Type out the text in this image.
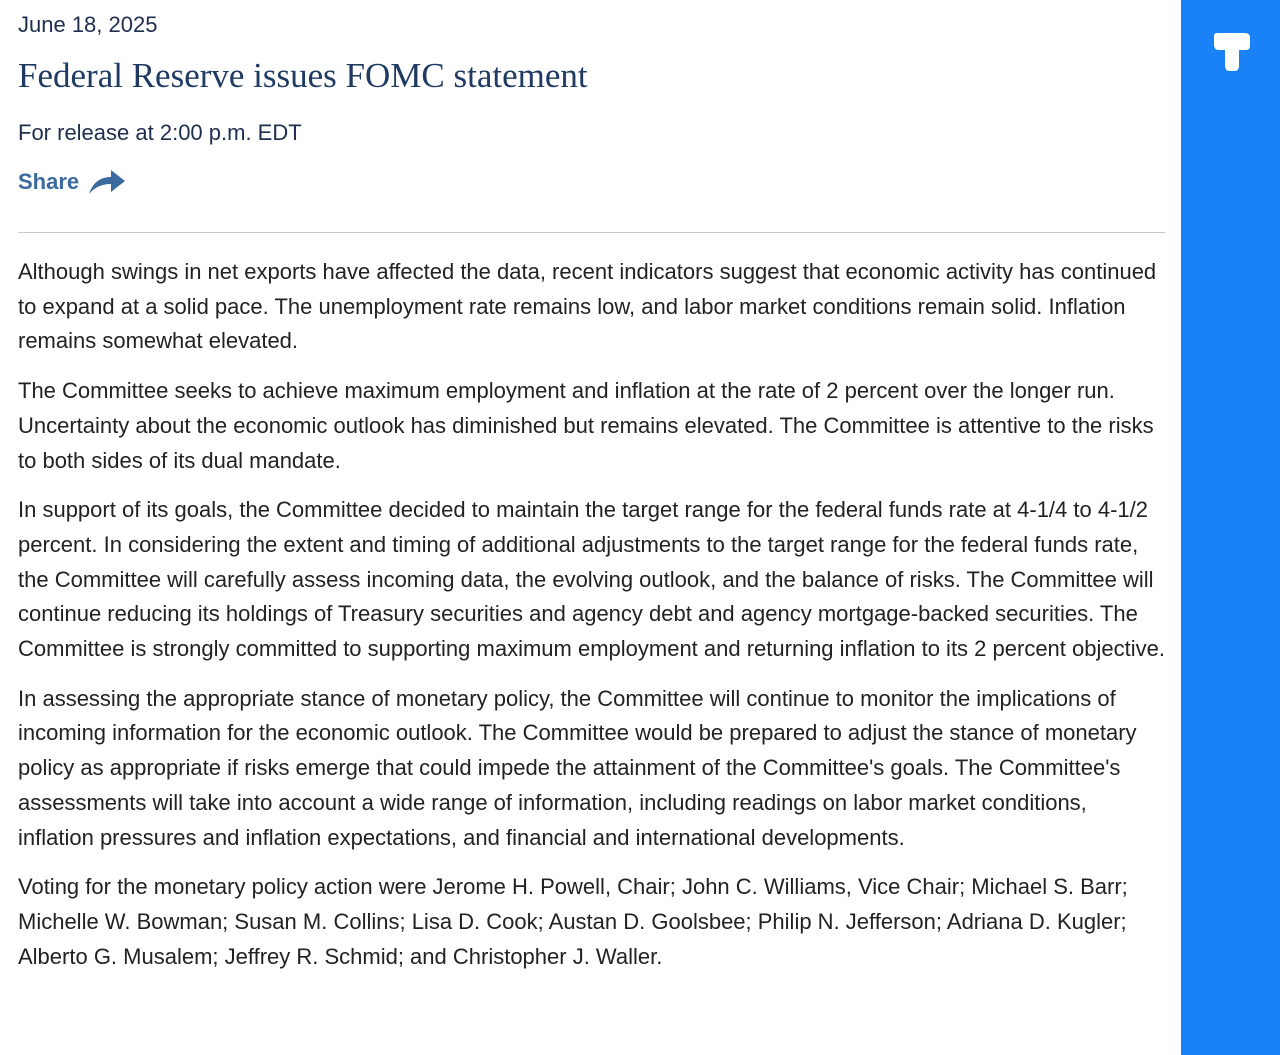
June 18, 2025
Federal Reserve issues FOMC statement
For release at 2:00 p.m. EDT
Share

Although swings in net exports have affected the data, recent indicators suggest that economic activity has continued to expand at a solid pace. The unemployment rate remains low, and labor market conditions remain solid. Inflation remains somewhat elevated.

The Committee seeks to achieve maximum employment and inflation at the rate of 2 percent over the longer run. Uncertainty about the economic outlook has diminished but remains elevated. The Committee is attentive to the risks to both sides of its dual mandate.

In support of its goals, the Committee decided to maintain the target range for the federal funds rate at 4-1/4 to 4-1/2 percent. In considering the extent and timing of additional adjustments to the target range for the federal funds rate, the Committee will carefully assess incoming data, the evolving outlook, and the balance of risks. The Committee will continue reducing its holdings of Treasury securities and agency debt and agency mortgage-backed securities. The Committee is strongly committed to supporting maximum employment and returning inflation to its 2 percent objective.

In assessing the appropriate stance of monetary policy, the Committee will continue to monitor the implications of incoming information for the economic outlook. The Committee would be prepared to adjust the stance of monetary policy as appropriate if risks emerge that could impede the attainment of the Committee's goals. The Committee's assessments will take into account a wide range of information, including readings on labor market conditions, inflation pressures and inflation expectations, and financial and international developments.

Voting for the monetary policy action were Jerome H. Powell, Chair; John C. Williams, Vice Chair; Michael S. Barr; Michelle W. Bowman; Susan M. Collins; Lisa D. Cook; Austan D. Goolsbee; Philip N. Jefferson; Adriana D. Kugler; Alberto G. Musalem; Jeffrey R. Schmid; and Christopher J. Waller.
